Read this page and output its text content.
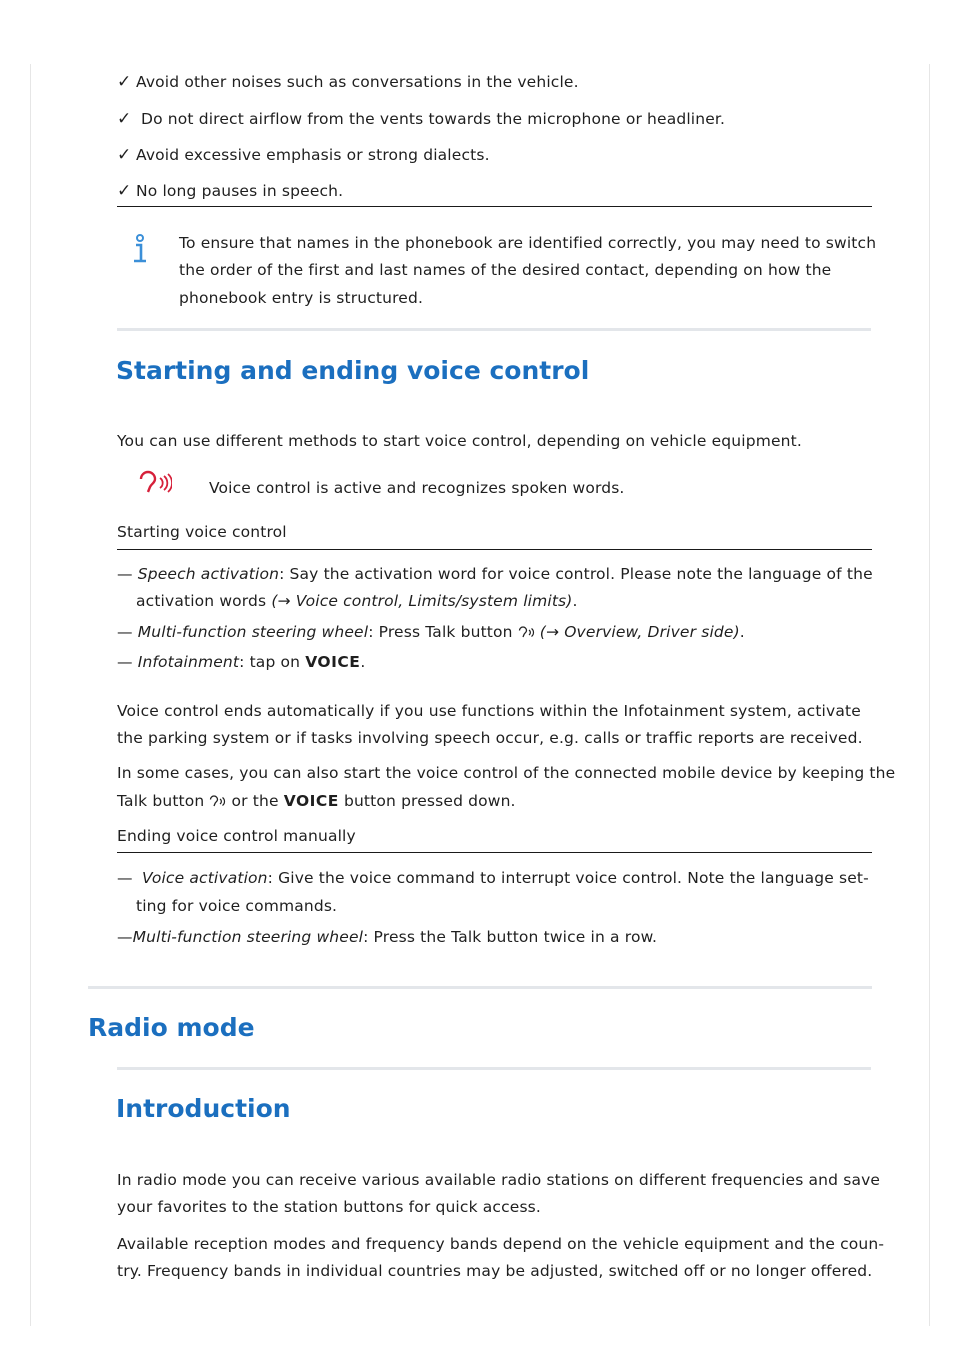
✓ Avoid other noises such as conversations in the vehicle.

✓ Do not direct airflow from the vents towards the microphone or headliner.

✓ Avoid excessive emphasis or strong dialects.

✓ No long pauses in speech.

To ensure that names in the phonebook are identified correctly, you may need to switch

the order of the first and last names of the desired contact, depending on how the

phonebook entry is structured.

Starting and ending voice control

You can use different methods to start voice control, depending on vehicle equipment.

Voice control is active and recognizes spoken words.

Starting voice control

— Speech activation: Say the activation word for voice control. Please note the language of the

activation words (→ Voice control, Limits/system limits).

— Multi-function steering wheel: Press Talk button
(→ Overview, Driver side).

— Infotainment: tap on VOICE.

Voice control ends automatically if you use functions within the Infotainment system, activate

the parking system or if tasks involving speech occur, e.g. calls or traffic reports are received.

In some cases, you can also start the voice control of the connected mobile device by keeping the

Talk button
or the VOICE button pressed down.

Ending voice control manually

— Voice activation: Give the voice command to interrupt voice control. Note the language set-

ting for voice commands.

—Multi-function steering wheel: Press the Talk button twice in a row.

Radio mode
Introduction

In radio mode you can receive various available radio stations on different frequencies and save

your favorites to the station buttons for quick access.

Available reception modes and frequency bands depend on the vehicle equipment and the coun-

try. Frequency bands in individual countries may be adjusted, switched off or no longer offered.
